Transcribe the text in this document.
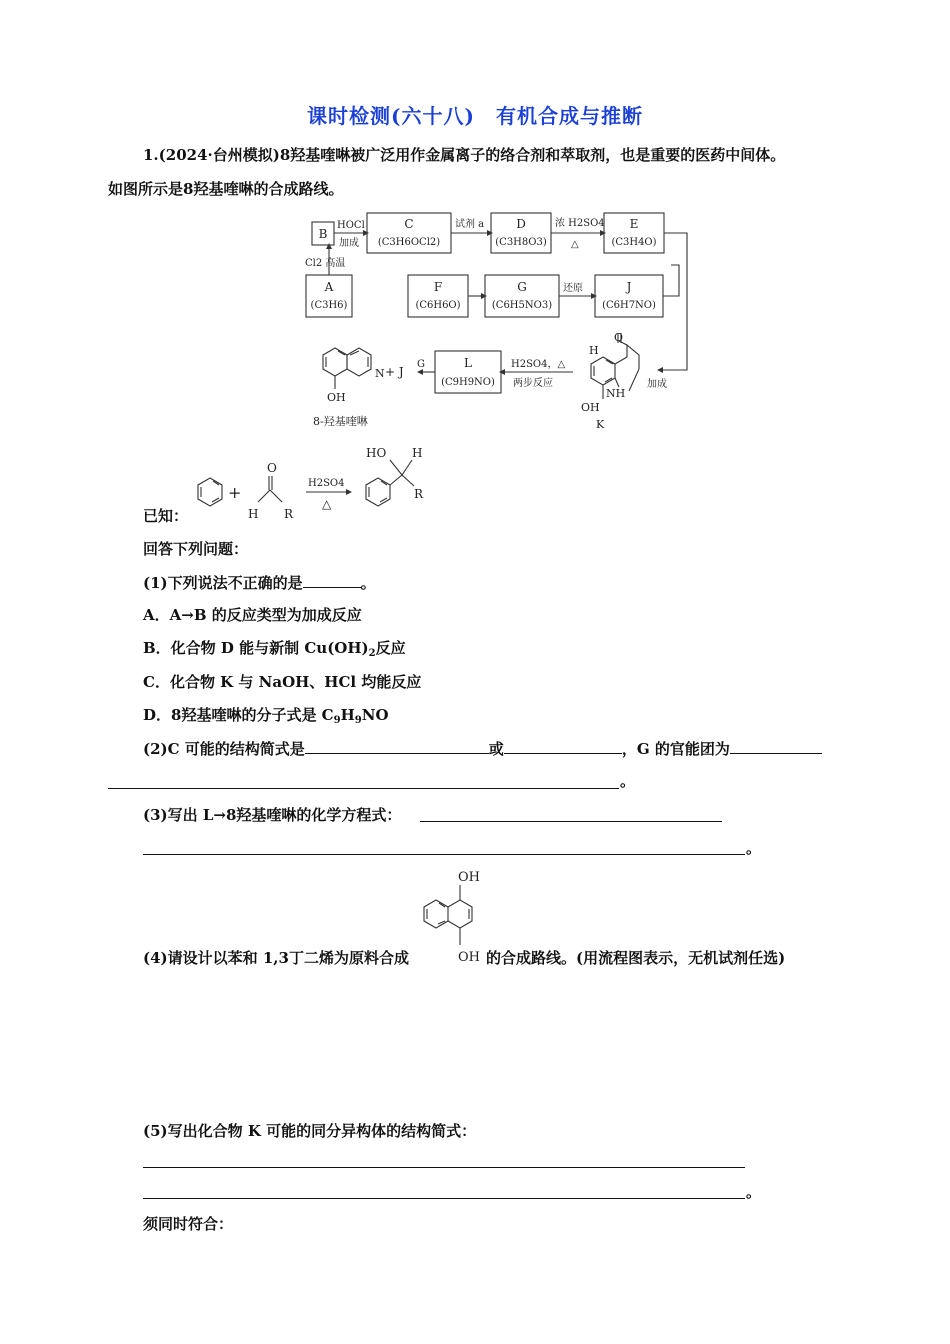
课时检测(六十八)　有机合成与推断
1.(2024·台州模拟)8羟基喹啉被广泛用作金属离子的络合剂和萃取剂，也是重要的医药中间体。
如图所示是8羟基喹啉的合成路线。
B
C
(C3H6OCl2)
D
(C3H8O3)
E
(C3H4O)
A
(C3H6)
F
(C6H6O)
G
(C6H5NO3)
J
(C6H7NO)
L
(C9H9NO)
HOCl
加成
试剂 a	浓 H2SO4
△
Cl2 高温
还原
加成
H2SO4，△
两步反应
G
+ J
N
OH
8-羟基喹啉
O
H
NH
OH
K
已知：
+
O
H R
H2SO4
△
HO H
R
回答下列问题：
(1)下列说法不正确的是	。
A．A→B 的反应类型为加成反应
B．化合物 D 能与新制 $Cu(OH)_2$反应
C．化合物 K 与 NaOH、HCl 均能反应
D．8羟基喹啉的分子式是 $C_9H_9NO$
(2)C 可能的结构简式是	或	，G 的官能团为
。
(3)写出 L→8羟基喹啉的化学方程式：
。
(4)请设计以苯和 1,3丁二烯为原料合成
OH
OH 的合成路线。(用流程图表示，无机试剂任选)
(5)写出化合物 K 可能的同分异构体的结构简式：
。
须同时符合：
